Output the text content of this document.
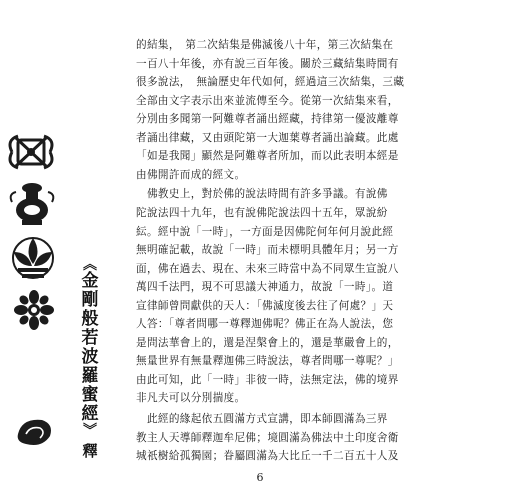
的結集，　第二次結集是佛滅後八十年，第三次結集在
一百八十年後，亦有說三百年後。關於三藏結集時間有
很多說法，　無論歷史年代如何，經過這三次結集，三藏
全部由文字表示出來並流傳至今。從第一次結集來看，
分別由多聞第一阿難尊者誦出經藏，持律第一優波離尊
者誦出律藏，又由頭陀第一大迦葉尊者誦出論藏。此處
「如是我聞」顯然是阿難尊者所加，而以此表明本經是
由佛開許而成的經文。
　佛教史上，對於佛的說法時間有許多爭議。有說佛
陀說法四十九年，也有說佛陀說法四十五年，眾說紛
紜。經中說「一時」，一方面是因佛陀何年何月說此經
無明確記載，故說「一時」而未標明具體年月；另一方
面，佛在過去、現在、未來三時當中為不同眾生宣說八
萬四千法門，現不可思議大神通力，故說「一時」。道
宣律師曾問獻供的天人：「佛滅度後去往了何處？」天
人答：「尊者問哪一尊釋迦佛呢？佛正在為人說法，您
是問法華會上的，還是涅槃會上的，還是華嚴會上的，
無量世界有無量釋迦佛三時說法，尊者問哪一尊呢？」
由此可知，此「一時」非彼一時，法無定法，佛的境界
非凡夫可以分別揣度。
　此經的緣起依五圓滿方式宣講，即本師圓滿為三界
教主人天導師釋迦牟尼佛；境圓滿為佛法中土印度舍衛
城祇樹給孤獨園；眷屬圓滿為大比丘一千二百五十人及
︽
金
剛
般
若
波
羅
蜜
經
︾
釋
6
